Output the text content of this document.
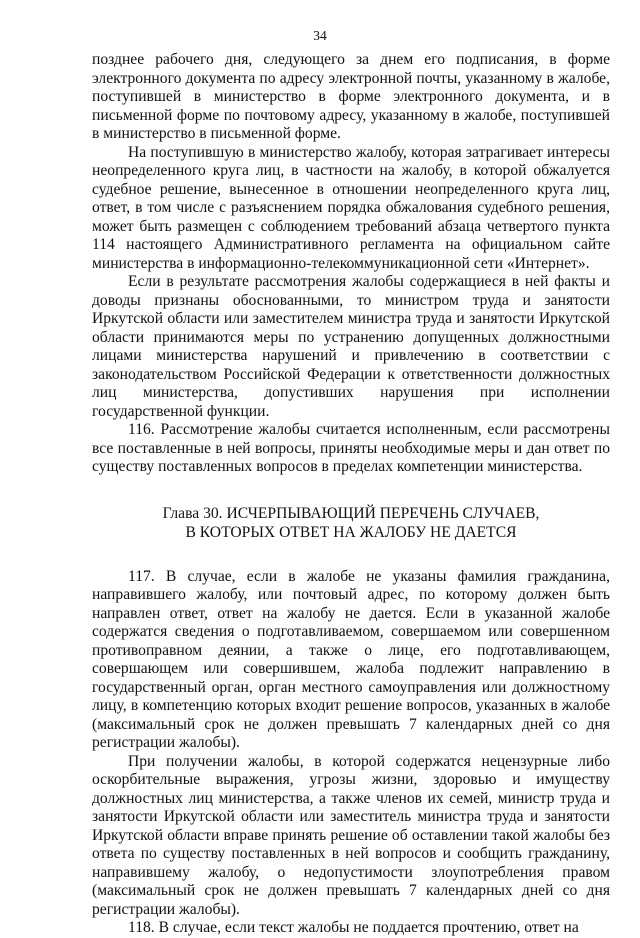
34

позднее рабочего дня, следующего за днем его подписания, в форме электронного документа по адресу электронной почты, указанному в жалобе, поступившей в министерство в форме электронного документа, и в письменной форме по почтовому адресу, указанному в жалобе, поступившей в министерство в письменной форме.

На поступившую в министерство жалобу, которая затрагивает интересы неопределенного круга лиц, в частности на жалобу, в которой обжалуется судебное решение, вынесенное в отношении неопределенного круга лиц, ответ, в том числе с разъяснением порядка обжалования судебного решения, может быть размещен с соблюдением требований абзаца четвертого пункта 114 настоящего Административного регламента на официальном сайте министерства в информационно-телекоммуникационной сети «Интернет».

Если в результате рассмотрения жалобы содержащиеся в ней факты и доводы признаны обоснованными, то министром труда и занятости Иркутской области или заместителем министра труда и занятости Иркутской области принимаются меры по устранению допущенных должностными лицами министерства нарушений и привлечению в соответствии с законодательством Российской Федерации к ответственности должностных лиц министерства, допустивших нарушения при исполнении государственной функции.

116. Рассмотрение жалобы считается исполненным, если рассмотрены все поставленные в ней вопросы, приняты необходимые меры и дан ответ по существу поставленных вопросов в пределах компетенции министерства.

Глава 30. ИСЧЕРПЫВАЮЩИЙ ПЕРЕЧЕНЬ СЛУЧАЕВ,
В КОТОРЫХ ОТВЕТ НА ЖАЛОБУ НЕ ДАЕТСЯ

117. В случае, если в жалобе не указаны фамилия гражданина, направившего жалобу, или почтовый адрес, по которому должен быть направлен ответ, ответ на жалобу не дается. Если в указанной жалобе содержатся сведения о подготавливаемом, совершаемом или совершенном противоправном деянии, а также о лице, его подготавливающем, совершающем или совершившем, жалоба подлежит направлению в государственный орган, орган местного самоуправления или должностному лицу, в компетенцию которых входит решение вопросов, указанных в жалобе (максимальный срок не должен превышать 7 календарных дней со дня регистрации жалобы).

При получении жалобы, в которой содержатся нецензурные либо оскорбительные выражения, угрозы жизни, здоровью и имуществу должностных лиц министерства, а также членов их семей, министр труда и занятости Иркутской области или заместитель министра труда и занятости Иркутской области вправе принять решение об оставлении такой жалобы без ответа по существу поставленных в ней вопросов и сообщить гражданину, направившему жалобу, о недопустимости злоупотребления правом (максимальный срок не должен превышать 7 календарных дней со дня регистрации жалобы).

118. В случае, если текст жалобы не поддается прочтению, ответ на
